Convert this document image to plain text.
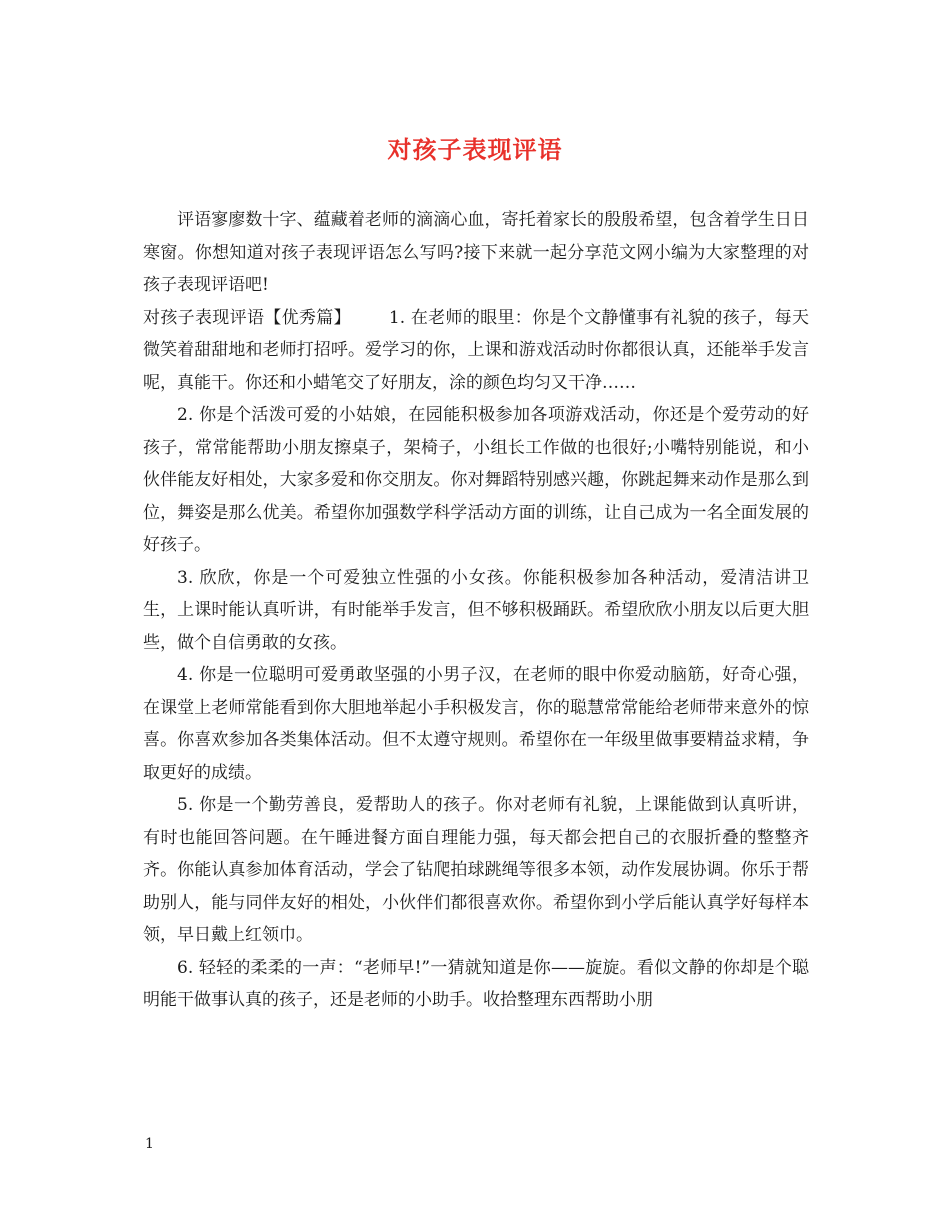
对孩子表现评语

评语寥廖数十字、蕴藏着老师的滴滴心血，寄托着家长的殷殷希望，包含着学生日日寒窗。你想知道对孩子表现评语怎么写吗?接下来就一起分享范文网小编为大家整理的对孩子表现评语吧!

对孩子表现评语【优秀篇】 1. 在老师的眼里：你是个文静懂事有礼貌的孩子，每天微笑着甜甜地和老师打招呼。爱学习的你，上课和游戏活动时你都很认真，还能举手发言呢，真能干。你还和小蜡笔交了好朋友，涂的颜色均匀又干净……

2. 你是个活泼可爱的小姑娘，在园能积极参加各项游戏活动，你还是个爱劳动的好孩子，常常能帮助小朋友擦桌子，架椅子，小组长工作做的也很好;小嘴特别能说，和小伙伴能友好相处，大家多爱和你交朋友。你对舞蹈特别感兴趣，你跳起舞来动作是那么到位，舞姿是那么优美。希望你加强数学科学活动方面的训练，让自己成为一名全面发展的好孩子。

3. 欣欣，你是一个可爱独立性强的小女孩。你能积极参加各种活动，爱清洁讲卫生，上课时能认真听讲，有时能举手发言，但不够积极踊跃。希望欣欣小朋友以后更大胆些，做个自信勇敢的女孩。

4. 你是一位聪明可爱勇敢坚强的小男子汉，在老师的眼中你爱动脑筋，好奇心强，在课堂上老师常能看到你大胆地举起小手积极发言，你的聪慧常常能给老师带来意外的惊喜。你喜欢参加各类集体活动。但不太遵守规则。希望你在一年级里做事要精益求精，争取更好的成绩。

5. 你是一个勤劳善良，爱帮助人的孩子。你对老师有礼貌，上课能做到认真听讲，有时也能回答问题。在午睡进餐方面自理能力强，每天都会把自己的衣服折叠的整整齐齐。你能认真参加体育活动，学会了钻爬拍球跳绳等很多本领，动作发展协调。你乐于帮助别人，能与同伴友好的相处，小伙伴们都很喜欢你。希望你到小学后能认真学好每样本领，早日戴上红领巾。

6. 轻轻的柔柔的一声：“老师早!”一猜就知道是你——旋旋。看似文静的你却是个聪明能干做事认真的孩子，还是老师的小助手。收拾整理东西帮助小朋

1
